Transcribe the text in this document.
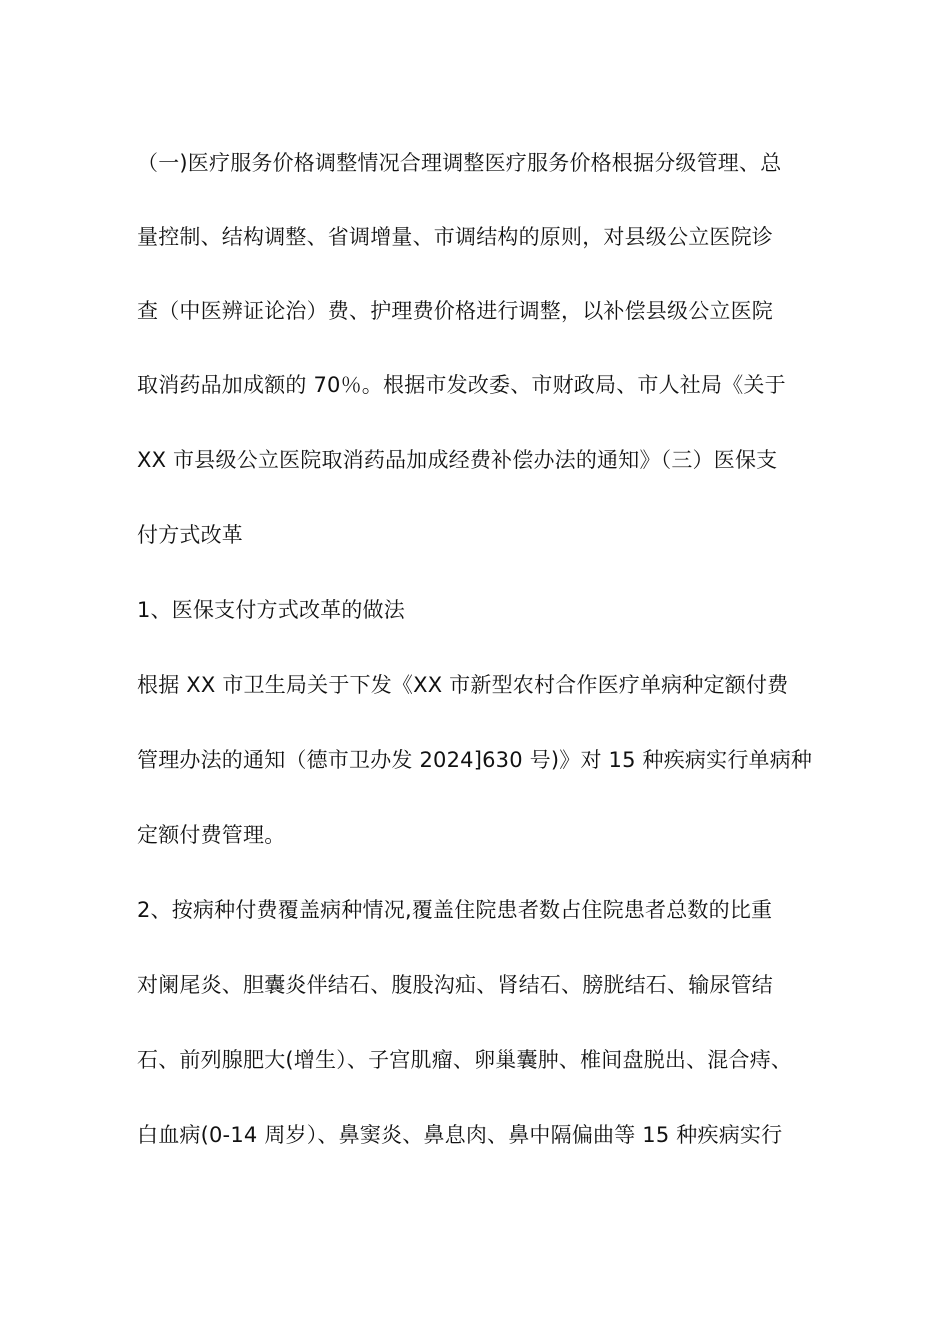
（一)医疗服务价格调整情况合理调整医疗服务价格根据分级管理、总
量控制、结构调整、省调增量、市调结构的原则，对县级公立医院诊
查（中医辨证论治）费、护理费价格进行调整，以补偿县级公立医院
取消药品加成额的 70％。根据市发改委、市财政局、市人社局《关于
XX 市县级公立医院取消药品加成经费补偿办法的通知》（三）医保支
付方式改革
1、医保支付方式改革的做法
根据 XX 市卫生局关于下发《XX 市新型农村合作医疗单病种定额付费
管理办法的通知（德市卫办发 2024]630 号)》对 15 种疾病实行单病种
定额付费管理。
2、按病种付费覆盖病种情况,覆盖住院患者数占住院患者总数的比重
对阑尾炎、胆囊炎伴结石、腹股沟疝、肾结石、膀胱结石、输尿管结
石、前列腺肥大(增生）、子宫肌瘤、卵巢囊肿、椎间盘脱出、混合痔、
白血病(0-14 周岁）、鼻窦炎、鼻息肉、鼻中隔偏曲等 15 种疾病实行
